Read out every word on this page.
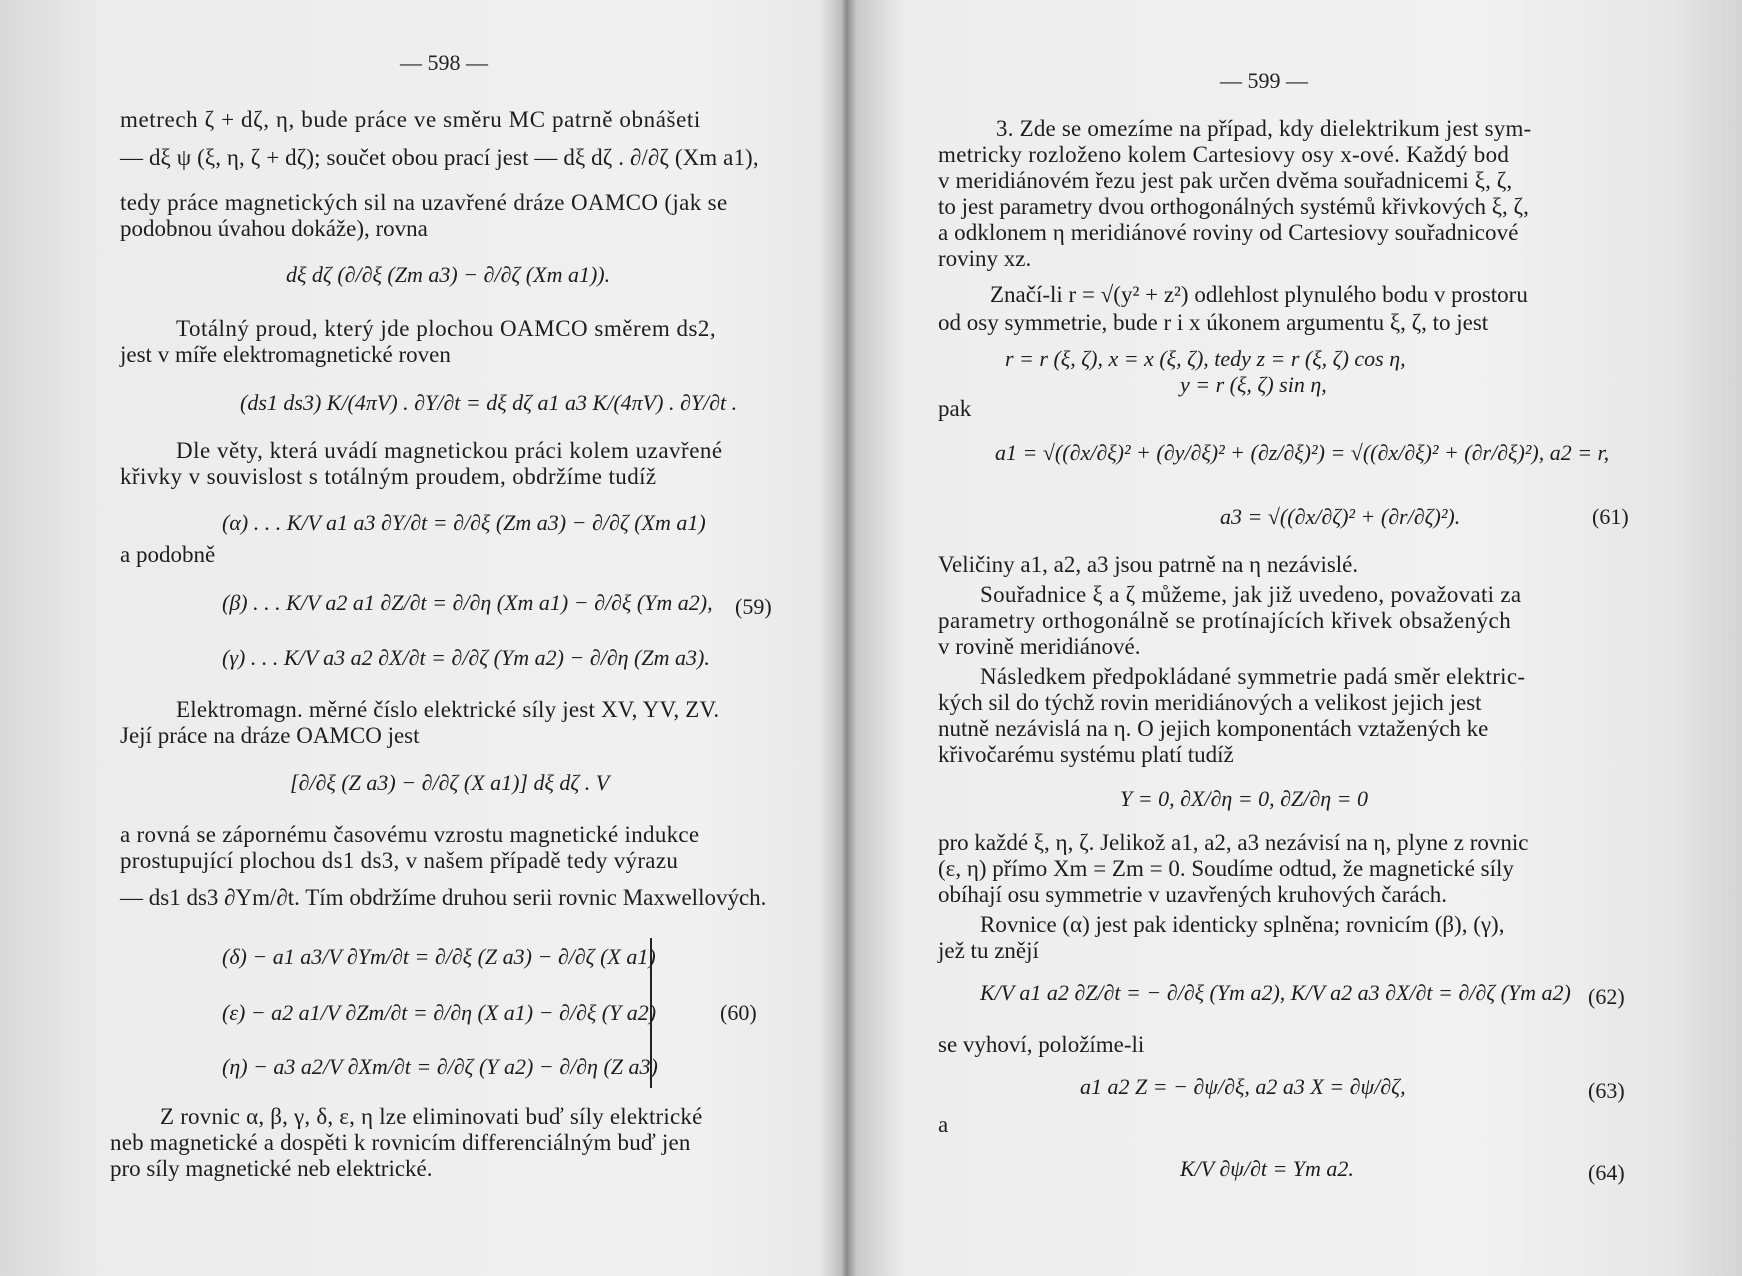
— 598 —
metrech ζ + dζ, η, bude práce ve směru MC patrně obnášeti
— dξ ψ (ξ, η, ζ + dζ); součet obou prací jest — dξ dζ . ∂/∂ζ (Xm a1),
tedy práce magnetických sil na uzavřené dráze OAMCO (jak se
podobnou úvahou dokáže), rovna
dξ dζ (∂/∂ξ (Zm a3) − ∂/∂ζ (Xm a1)).
Totálný proud, který jde plochou OAMCO směrem ds2,
jest v míře elektromagnetické roven
(ds1 ds3) K/(4πV) . ∂Y/∂t = dξ dζ a1 a3 K/(4πV) . ∂Y/∂t .
Dle věty, která uvádí magnetickou práci kolem uzavřené
křivky v souvislost s totálným proudem, obdržíme tudíž
(α) . . . K/V a1 a3 ∂Y/∂t = ∂/∂ξ (Zm a3) − ∂/∂ζ (Xm a1)
a podobně
(β) . . . K/V a2 a1 ∂Z/∂t = ∂/∂η (Xm a1) − ∂/∂ξ (Ym a2), (59)
(γ) . . . K/V a3 a2 ∂X/∂t = ∂/∂ζ (Ym a2) − ∂/∂η (Zm a3).
Elektromagn. měrné číslo elektrické síly jest XV, YV, ZV.
Její práce na dráze OAMCO jest
[∂/∂ξ (Z a3) − ∂/∂ζ (X a1)] dξ dζ . V
a rovná se zápornému časovému vzrostu magnetické indukce
prostupující plochou ds1 ds3, v našem případě tedy výrazu
— ds1 ds3 ∂Ym/∂t. Tím obdržíme druhou serii rovnic Maxwellových.
(δ) − a1 a3/V ∂Ym/∂t = ∂/∂ξ (Z a3) − ∂/∂ζ (X a1)
(ε) − a2 a1/V ∂Zm/∂t = ∂/∂η (X a1) − ∂/∂ξ (Y a2)
(η) − a3 a2/V ∂Xm/∂t = ∂/∂ζ (Y a2) − ∂/∂η (Z a3)
(60)
Z rovnic α, β, γ, δ, ε, η lze eliminovati buď síly elektrické
neb magnetické a dospěti k rovnicím differenciálným buď jen
pro síly magnetické neb elektrické.
— 599 —
3. Zde se omezíme na případ, kdy dielektrikum jest sym-
metricky rozloženo kolem Cartesiovy osy x-ové. Každý bod
v meridiánovém řezu jest pak určen dvěma souřadnicemi ξ, ζ,
to jest parametry dvou orthogonálných systémů křivkových ξ, ζ,
a odklonem η meridiánové roviny od Cartesiovy souřadnicové
roviny xz.
Značí-li r = √(y² + z²) odlehlost plynulého bodu v prostoru
od osy symmetrie, bude r i x úkonem argumentu ξ, ζ, to jest
r = r (ξ, ζ), x = x (ξ, ζ), tedy z = r (ξ, ζ) cos η,
y = r (ξ, ζ) sin η,
pak
a1 = √((∂x/∂ξ)² + (∂y/∂ξ)² + (∂z/∂ξ)²) = √((∂x/∂ξ)² + (∂r/∂ξ)²), a2 = r,
a3 = √((∂x/∂ζ)² + (∂r/∂ζ)²).	(61)
Veličiny a1, a2, a3 jsou patrně na η nezávislé.
Souřadnice ξ a ζ můžeme, jak již uvedeno, považovati za
parametry orthogonálně se protínajících křivek obsažených
v rovině meridiánové.
Následkem předpokládané symmetrie padá směr elektric-
kých sil do týchž rovin meridiánových a velikost jejich jest
nutně nezávislá na η. O jejich komponentách vztažených ke
křivočarému systému platí tudíž
Y = 0, ∂X/∂η = 0, ∂Z/∂η = 0
pro každé ξ, η, ζ. Jelikož a1, a2, a3 nezávisí na η, plyne z rovnic
(ε, η) přímo Xm = Zm = 0. Soudíme odtud, že magnetické síly
obíhají osu symmetrie v uzavřených kruhových čarách.
Rovnice (α) jest pak identicky splněna; rovnicím (β), (γ),
jež tu znějí
K/V a1 a2 ∂Z/∂t = − ∂/∂ξ (Ym a2), K/V a2 a3 ∂X/∂t = ∂/∂ζ (Ym a2) (62)
se vyhoví, položíme-li
a1 a2 Z = − ∂ψ/∂ξ, a2 a3 X = ∂ψ/∂ζ,	(63)
a
K/V ∂ψ/∂t = Ym a2.	(64)
